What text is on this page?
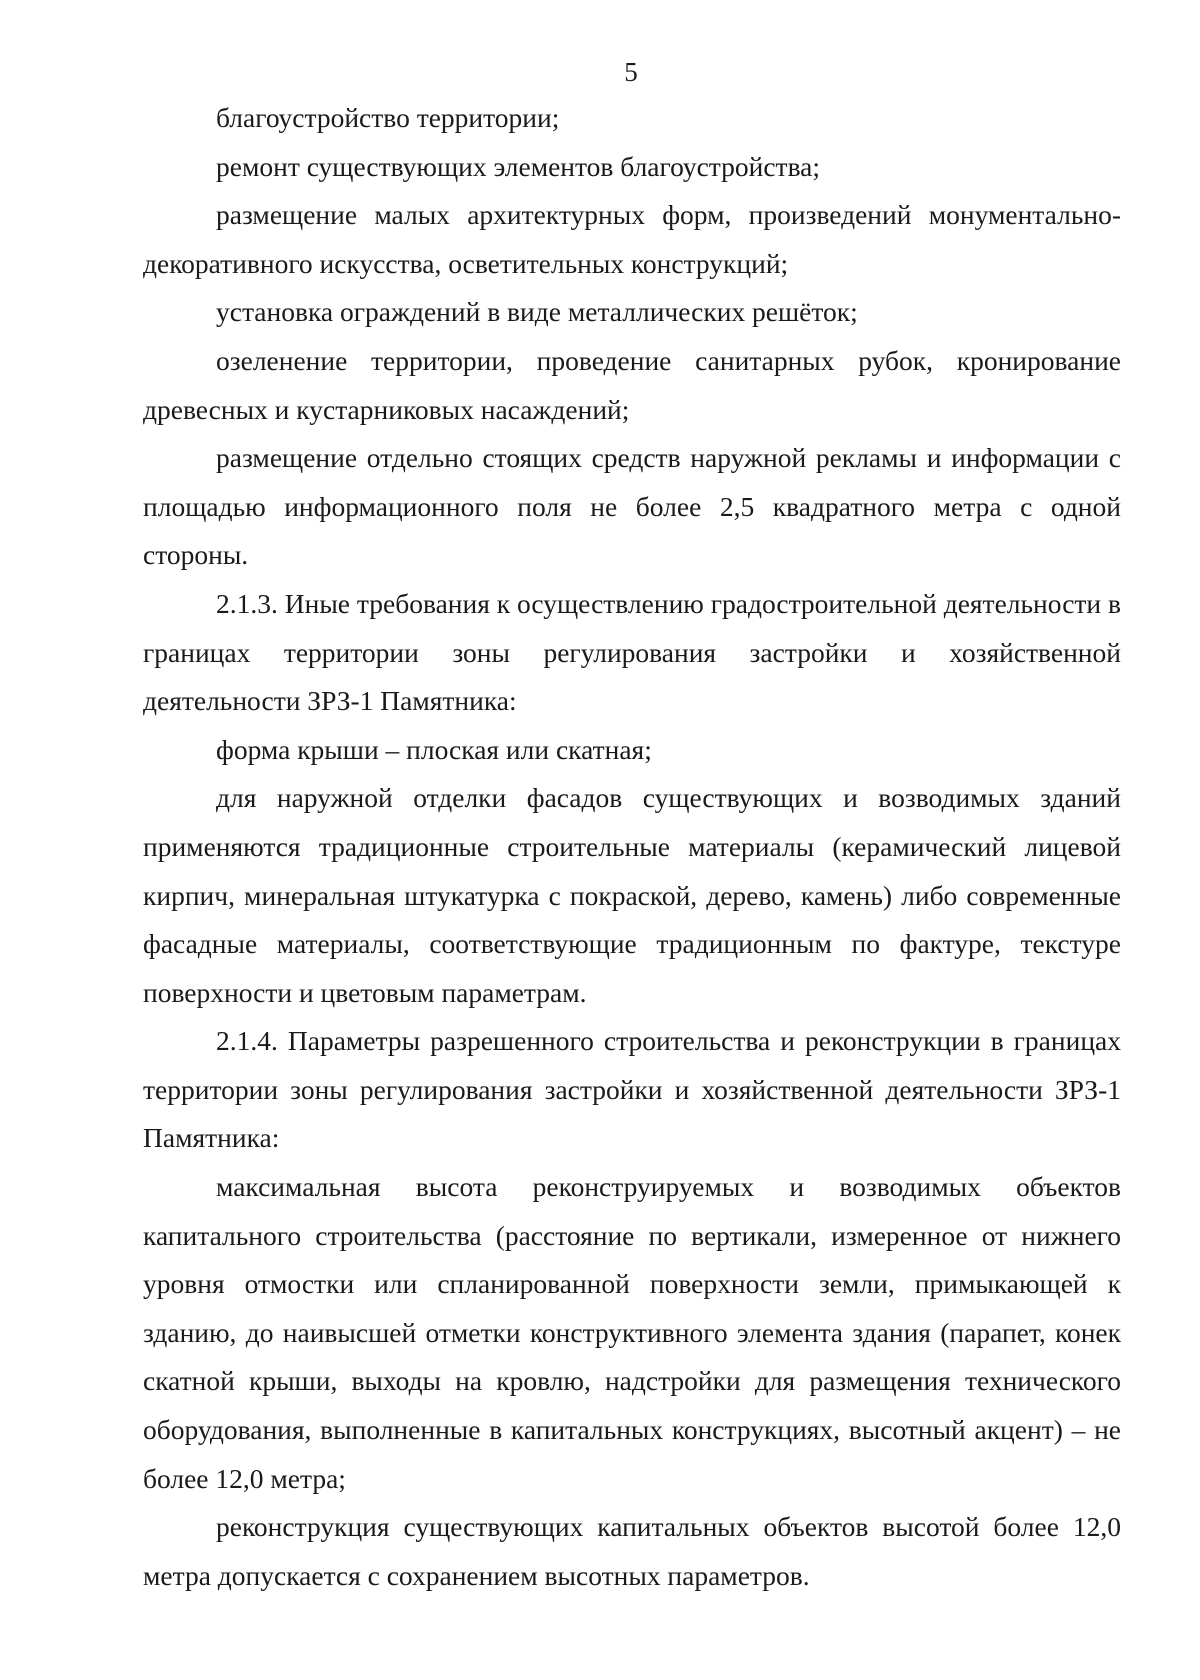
5

благоустройство территории;

ремонт существующих элементов благоустройства;

размещение малых архитектурных форм, произведений монументально-декоративного искусства, осветительных конструкций;

установка ограждений в виде металлических решёток;

озеленение территории, проведение санитарных рубок, кронирование древесных и кустарниковых насаждений;

размещение отдельно стоящих средств наружной рекламы и информации с площадью информационного поля не более 2,5 квадратного метра с одной стороны.

2.1.3. Иные требования к осуществлению градостроительной деятельности в границах территории зоны регулирования застройки и хозяйственной деятельности ЗРЗ-1 Памятника:

форма крыши – плоская или скатная;

для наружной отделки фасадов существующих и возводимых зданий применяются традиционные строительные материалы (керамический лицевой кирпич, минеральная штукатурка с покраской, дерево, камень) либо современные фасадные материалы, соответствующие традиционным по фактуре, текстуре поверхности и цветовым параметрам.

2.1.4. Параметры разрешенного строительства и реконструкции в границах территории зоны регулирования застройки и хозяйственной деятельности ЗРЗ-1 Памятника:

максимальная высота реконструируемых и возводимых объектов капитального строительства (расстояние по вертикали, измеренное от нижнего уровня отмостки или спланированной поверхности земли, примыкающей к зданию, до наивысшей отметки конструктивного элемента здания (парапет, конек скатной крыши, выходы на кровлю, надстройки для размещения технического оборудования, выполненные в капитальных конструкциях, высотный акцент) – не более 12,0 метра;

реконструкция существующих капитальных объектов высотой более 12,0 метра допускается с сохранением высотных параметров.
